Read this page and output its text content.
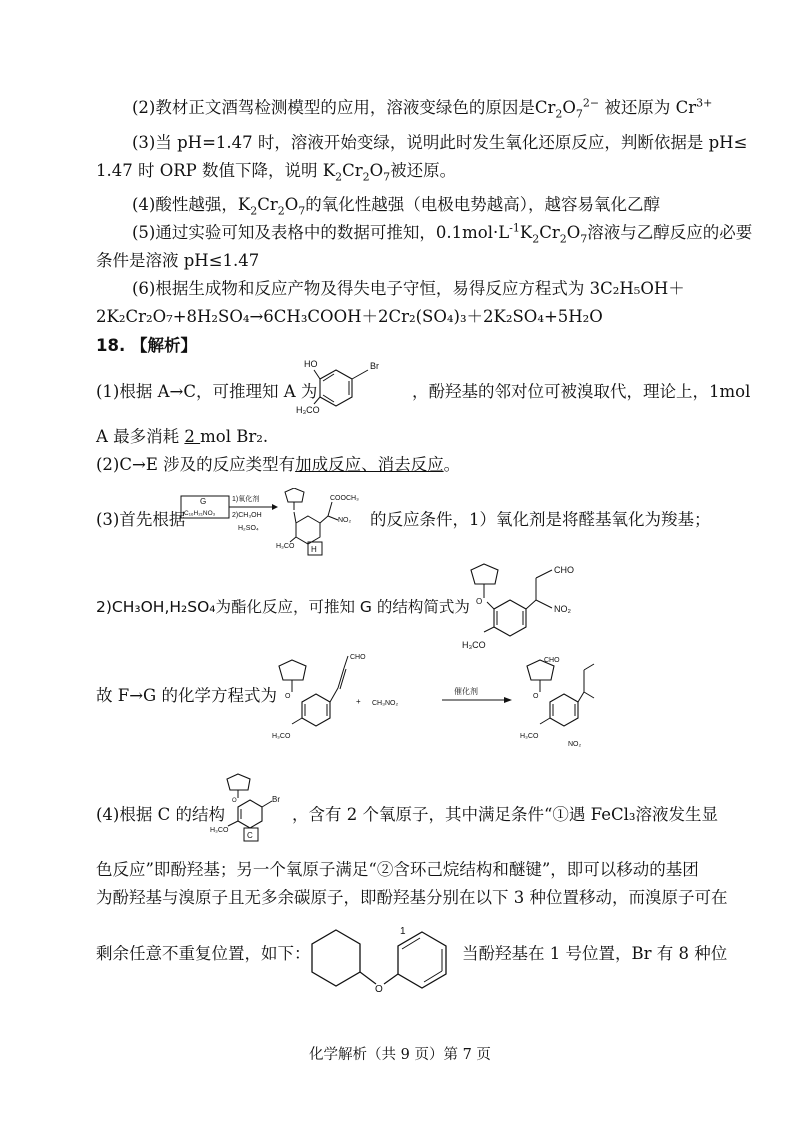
(2)教材正文酒驾检测模型的应用，溶液变绿色的原因是$Cr_2O_7^{2-}$ 被还原为 $Cr^{3+}$
(3)当 pH=1.47 时，溶液开始变绿，说明此时发生氧化还原反应，判断依据是 pH≤
1.47 时 ORP 数值下降，说明 $K_2Cr_2O_7$被还原。
(4)酸性越强，$K_2Cr_2O_7$的氧化性越强（电极电势越高），越容易氧化乙醇
(5)通过实验可知及表格中的数据可推知，$0.1mol\cdot L^{-1}K_2Cr_2O_7$溶液与乙醇反应的必要
条件是溶液 pH≤1.47
(6)根据生成物和反应产物及得失电子守恒，易得反应方程式为 3C₂H₅OH＋
2K₂Cr₂O₇+8H₂SO₄→6CH₃COOH＋2Cr₂(SO₄)₃＋2K₂SO₄+5H₂O
18. 【解析】
(1)根据 A→C，可推理知 A 为
HO	Br
H₃CO
，酚羟基的邻对位可被溴取代，理论上，1mol
A 最多消耗 2 mol Br₂.
(2)C→E 涉及的反应类型有加成反应、消去反应。
(3)首先根据
G
C₁₆H₂₁NO₃
1)氧化剂
2)CH₃OH
H₂SO₄
COOCH₃
NO₂
H₃CO H
的反应条件，1）氧化剂是将醛基氧化为羧基；
2)CH₃OH,H₂SO₄为酯化反应，可推知 G 的结构简式为 O
CHO
NO₂
H₃CO
故 F→G 的化学方程式为 O
CHO
H₃CO
+ CH₃NO₂
催化剂
O
CHO
NO₂
H₃CO
(4)根据 C 的结构
O	Br
H₃CO
C
，含有 2 个氧原子，其中满足条件“①遇 FeCl₃溶液发生显
色反应”即酚羟基；另一个氧原子满足“②含环己烷结构和醚键”，即可以移动的基团
为酚羟基与溴原子且无多余碳原子，即酚羟基分别在以下 3 种位置移动，而溴原子可在
剩余任意不重复位置，如下：
O
1
当酚羟基在 1 号位置，Br 有 8 种位
化学解析（共 9 页）第 7 页
